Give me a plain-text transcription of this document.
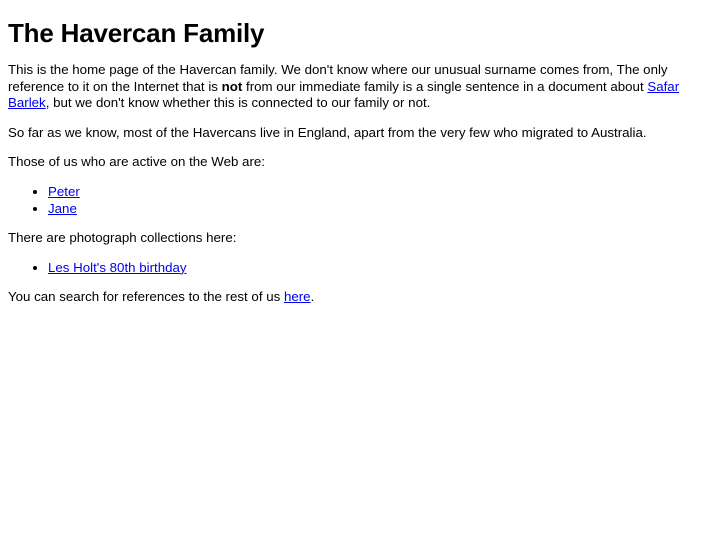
The Havercan Family

This is the home page of the Havercan family. We don't know where our unusual surname comes from, The only reference to it on the Internet that is not from our immediate family is a single sentence in a document about Safar Barlek, but we don't know whether this is connected to our family or not.

So far as we know, most of the Havercans live in England, apart from the very few who migrated to Australia.

Those of us who are active on the Web are:

• Peter
• Jane

There are photograph collections here:

• Les Holt's 80th birthday

You can search for references to the rest of us here.
